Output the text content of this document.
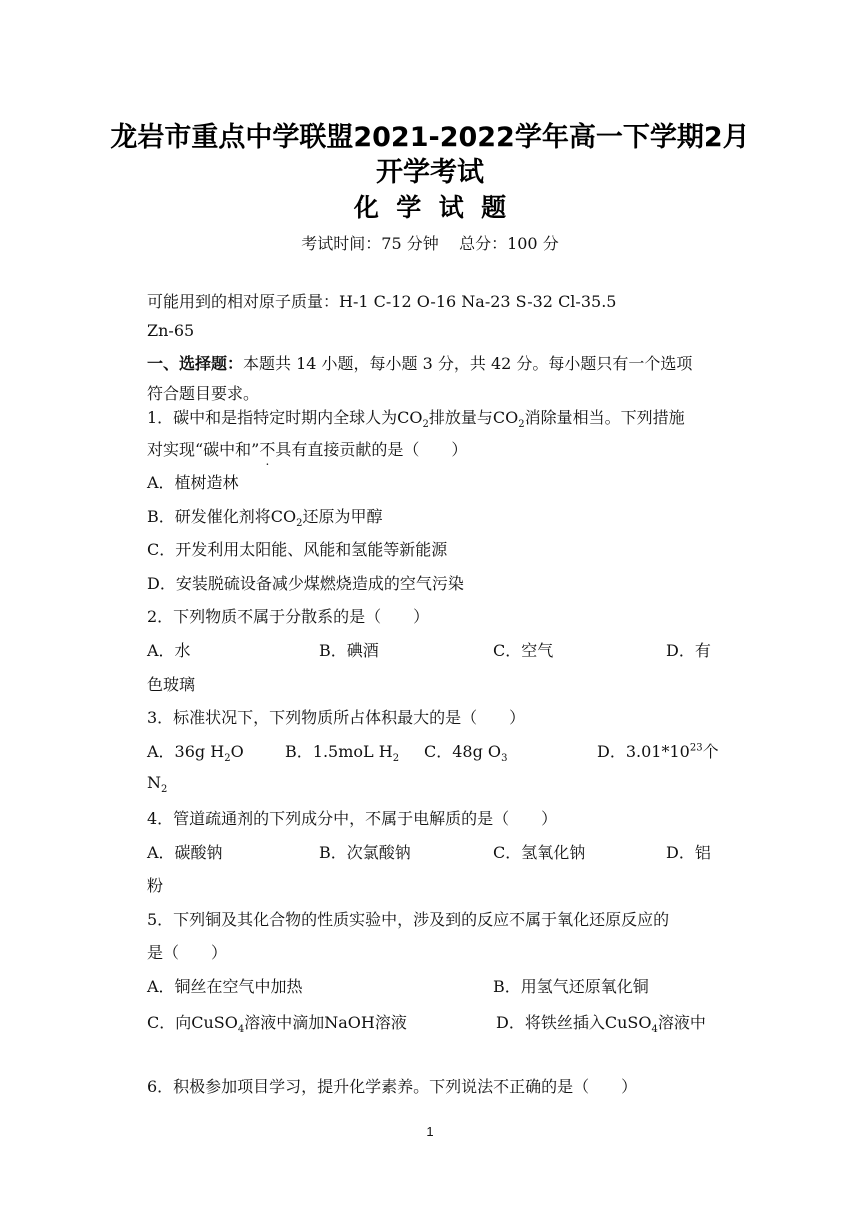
龙岩市重点中学联盟2021-2022学年高一下学期2月
开学考试
化  学  试  题
考试时间：75 分钟    总分：100 分
可能用到的相对原子质量：H-1 C-12 O-16 Na-23 S-32 Cl-35.5
Zn-65
一、选择题：本题共 14 小题，每小题 3 分，共 42 分。每小题只有一个选项
符合题目要求。
1．碳中和是指特定时期内全球人为$CO_2$排放量与$CO_2$消除量相当。下列措施
对实现“碳中和”不具有直接贡献的是（　　）
A．植树造林
B．研发催化剂将$CO_2$还原为甲醇
C．开发利用太阳能、风能和氢能等新能源
D．安装脱硫设备减少煤燃烧造成的空气污染
2．下列物质不属于分散系的是（　　）
A．水	B．碘酒	C．空气	D．有
色玻璃
3．标准状况下，下列物质所占体积最大的是（　　）
A．36g $H_2O$	B．1.5moL $H_2$ C．48g $O_3$	D．$3.01*10^{23}$个
$N_2$
4．管道疏通剂的下列成分中，不属于电解质的是（　　）
A．碳酸钠	B．次氯酸钠	C．氢氧化钠	D．铝
粉
5．下列铜及其化合物的性质实验中，涉及到的反应不属于氧化还原反应的
是（　　）
A．铜丝在空气中加热	B．用氢气还原氧化铜
C．向CuSO$_4$溶液中滴加NaOH溶液	D．将铁丝插入CuSO$_4$溶液中
6．积极参加项目学习，提升化学素养。下列说法不正确的是（　　）
1
